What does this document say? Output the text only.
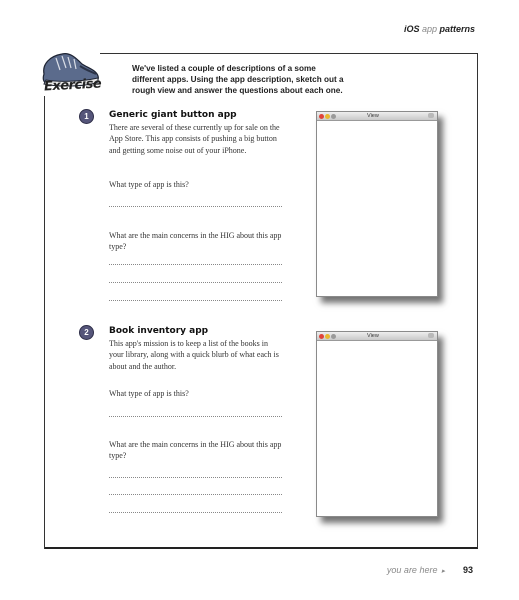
iOS app patterns
Exercise
We've listed a couple of descriptions of a some different apps. Using the app description, sketch out a rough view and answer the questions about each one.
1	Generic giant button app
There are several of these currently up for sale on the App Store. This app consists of pushing a big button and getting some noise out of your iPhone.
What type of app is this?
What are the main concerns in the HIG about this app type?
View
2	Book inventory app
This app's mission is to keep a list of the books in your library, along with a quick blurb of what each is about and the author.
What type of app is this?
What are the main concerns in the HIG about this app type?
View
you are here ▸ 93
